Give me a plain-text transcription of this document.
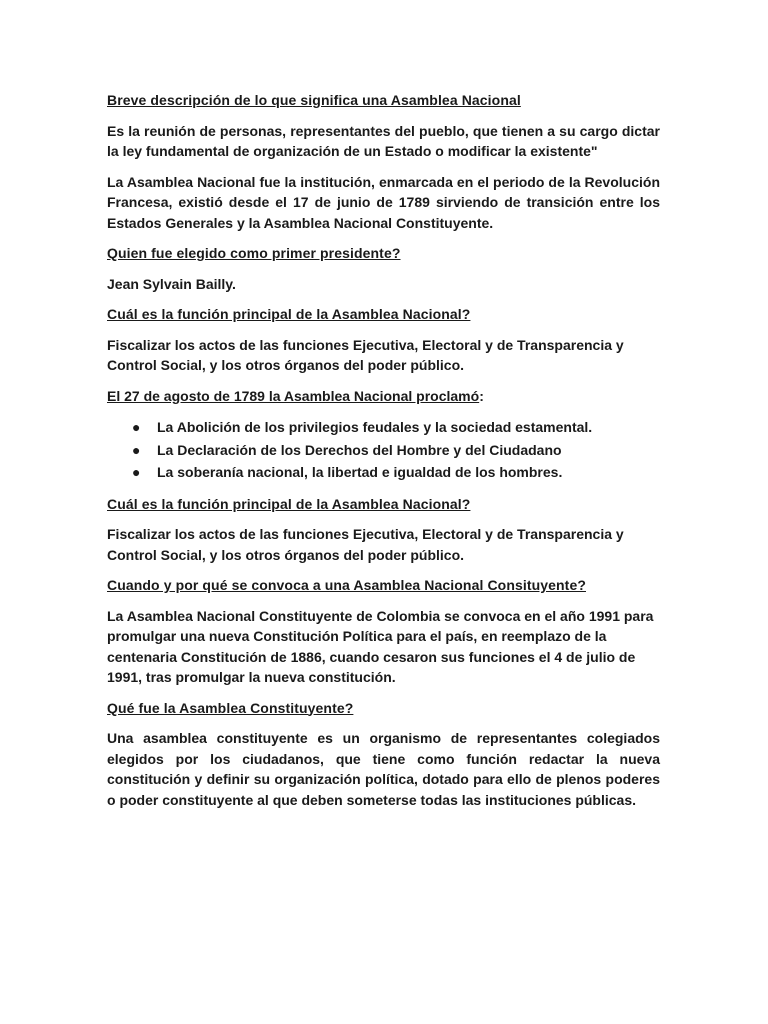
Breve descripción de lo que significa una Asamblea Nacional
Es la reunión de personas, representantes del pueblo, que tienen a su cargo dictar la ley fundamental de organización de un Estado o modificar la existente"
La Asamblea Nacional fue la institución, enmarcada en el periodo de la Revolución Francesa, existió desde el 17 de junio de 1789 sirviendo de transición entre los Estados Generales y la Asamblea Nacional Constituyente.
Quien fue elegido como primer presidente?
Jean Sylvain Bailly.
Cuál es la función principal de la Asamblea Nacional?
Fiscalizar los actos de las funciones Ejecutiva, Electoral y de Transparencia y Control Social, y los otros órganos del poder público.
El 27 de agosto de 1789 la Asamblea Nacional proclamó:
● La Abolición de los privilegios feudales y la sociedad estamental.
● La Declaración de los Derechos del Hombre y del Ciudadano
● La soberanía nacional, la libertad e igualdad de los hombres.
Cuál es la función principal de la Asamblea Nacional?
Fiscalizar los actos de las funciones Ejecutiva, Electoral y de Transparencia y Control Social, y los otros órganos del poder público.
Cuando y por qué se convoca a una Asamblea Nacional Consituyente?
La Asamblea Nacional Constituyente de Colombia se convoca en el año 1991 para promulgar una nueva Constitución Política para el país, en reemplazo de la centenaria Constitución de 1886, cuando cesaron sus funciones el 4 de julio de 1991, tras promulgar la nueva constitución.
Qué fue la Asamblea Constituyente?
Una asamblea constituyente es un organismo de representantes colegiados elegidos por los ciudadanos, que tiene como función redactar la nueva constitución y definir su organización política, dotado para ello de plenos poderes o poder constituyente al que deben someterse todas las instituciones públicas.
